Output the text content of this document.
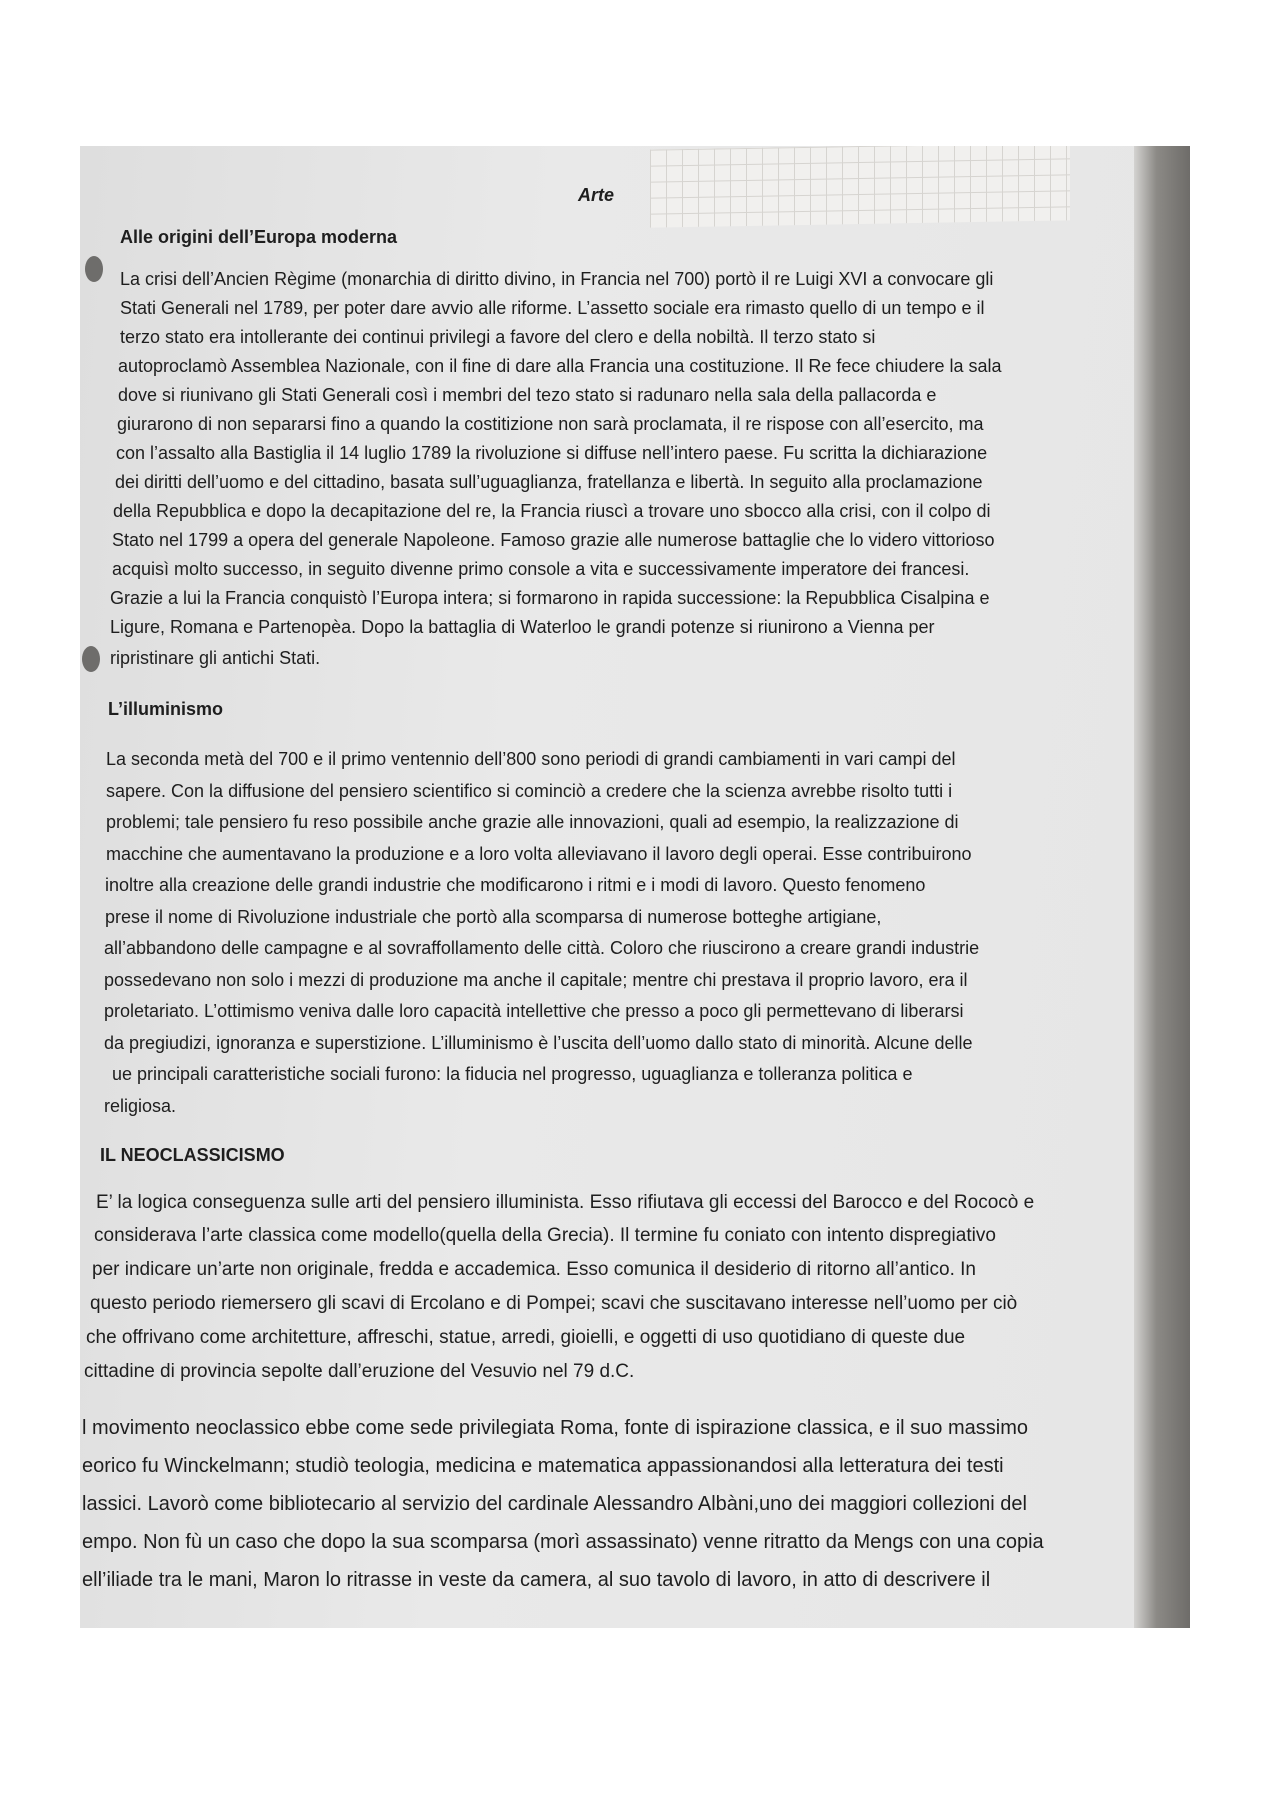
Arte
Alle origini dell’Europa moderna
La crisi dell’Ancien Règime (monarchia di diritto divino, in Francia nel 700) portò il re Luigi XVI a convocare gli
Stati Generali nel 1789, per poter dare avvio alle riforme. L’assetto sociale era rimasto quello di un tempo e il
terzo stato era intollerante dei continui privilegi a favore del clero e della nobiltà. Il terzo stato si
autoproclamò Assemblea Nazionale, con il fine di dare alla Francia una costituzione. Il Re fece chiudere la sala
dove si riunivano gli Stati Generali così i membri del tezo stato si radunaro nella sala della pallacorda e
giurarono di non separarsi fino a quando la costitizione non sarà proclamata, il re rispose con all’esercito, ma
con l’assalto alla Bastiglia il 14 luglio 1789 la rivoluzione si diffuse nell’intero paese. Fu scritta la dichiarazione
dei diritti dell’uomo e del cittadino, basata sull’uguaglianza, fratellanza e libertà. In seguito alla proclamazione
della Repubblica e dopo la decapitazione del re, la Francia riuscì a trovare uno sbocco alla crisi, con il colpo di
Stato nel 1799 a opera del generale Napoleone. Famoso grazie alle numerose battaglie che lo videro vittorioso
acquisì molto successo, in seguito divenne primo console a vita e successivamente imperatore dei francesi.
Grazie a lui la Francia conquistò l’Europa intera; si formarono in rapida successione: la Repubblica Cisalpina e
Ligure, Romana e Partenopèa. Dopo la battaglia di Waterloo le grandi potenze si riunirono a Vienna per
ripristinare gli antichi Stati.
L’illuminismo
La seconda metà del 700 e il primo ventennio dell’800 sono periodi di grandi cambiamenti in vari campi del
sapere. Con la diffusione del pensiero scientifico si cominciò a credere che la scienza avrebbe risolto tutti i
problemi; tale pensiero fu reso possibile anche grazie alle innovazioni, quali ad esempio, la realizzazione di
macchine che aumentavano la produzione e a loro volta alleviavano il lavoro degli operai. Esse contribuirono
inoltre alla creazione delle grandi industrie che modificarono i ritmi e i modi di lavoro. Questo fenomeno
prese il nome di Rivoluzione industriale che portò alla scomparsa di numerose botteghe artigiane,
all’abbandono delle campagne e al sovraffollamento delle città. Coloro che riuscirono a creare grandi industrie
possedevano non solo i mezzi di produzione ma anche il capitale; mentre chi prestava il proprio lavoro, era il
proletariato. L’ottimismo veniva dalle loro capacità intellettive che presso a poco gli permettevano di liberarsi
da pregiudizi, ignoranza e superstizione. L’illuminismo è l’uscita dell’uomo dallo stato di minorità. Alcune delle
ue principali caratteristiche sociali furono: la fiducia nel progresso, uguaglianza e tolleranza politica e
religiosa.
IL NEOCLASSICISMO
E’ la logica conseguenza sulle arti del pensiero illuminista. Esso rifiutava gli eccessi del Barocco e del Rococò e
considerava l’arte classica come modello(quella della Grecia). Il termine fu coniato con intento dispregiativo
per indicare un’arte non originale, fredda e accademica. Esso comunica il desiderio di ritorno all’antico. In
questo periodo riemersero gli scavi di Ercolano e di Pompei; scavi che suscitavano interesse nell’uomo per ciò
che offrivano come architetture, affreschi, statue, arredi, gioielli, e oggetti di uso quotidiano di queste due
cittadine di provincia sepolte dall’eruzione del Vesuvio nel 79 d.C.
l movimento neoclassico ebbe come sede privilegiata Roma, fonte di ispirazione classica, e il suo massimo
eorico fu Winckelmann; studiò teologia, medicina e matematica appassionandosi alla letteratura dei testi
lassici. Lavorò come bibliotecario al servizio del cardinale Alessandro Albàni,uno dei maggiori collezioni del
empo. Non fù un caso che dopo la sua scomparsa (morì assassinato) venne ritratto da Mengs con una copia
ell’iliade tra le mani, Maron lo ritrasse in veste da camera, al suo tavolo di lavoro, in atto di descrivere il
